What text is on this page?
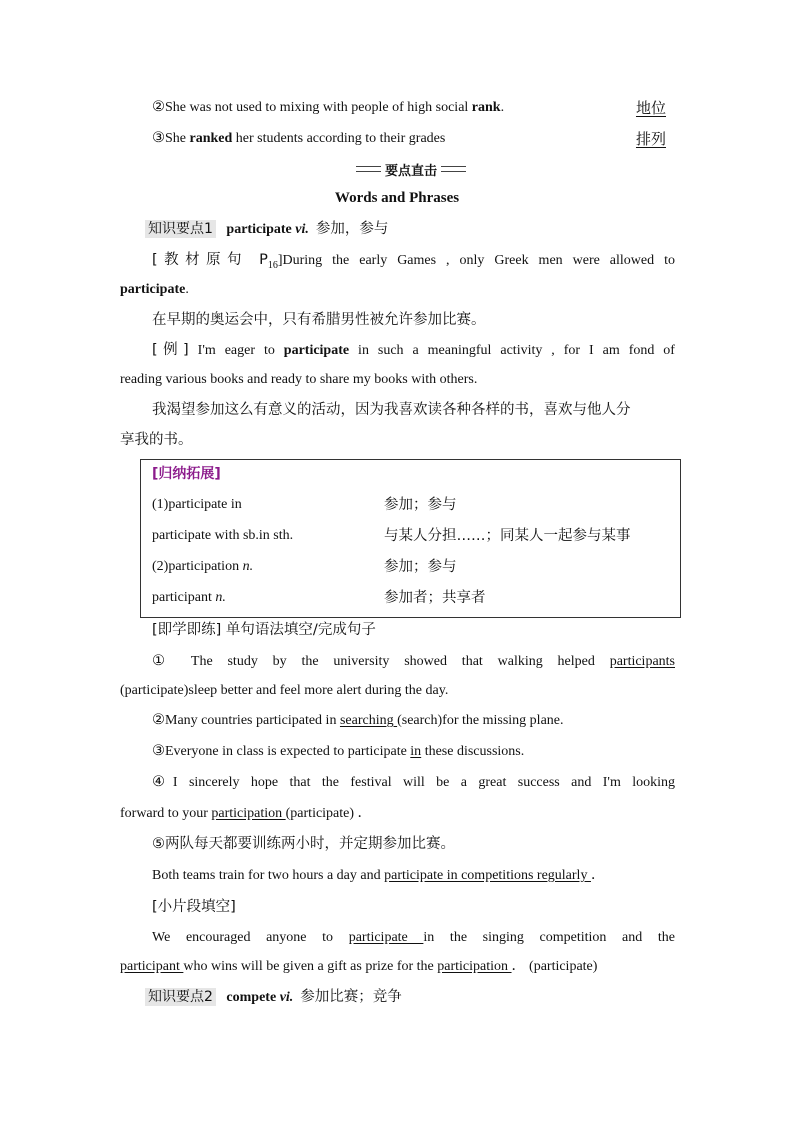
②She was not used to mixing with people of high social rank.	地位
③She ranked her students according to their grades	排列
要点直击
Words and Phrases
知识要点1 participate vi. 参加，参与
[教材原句 $P_{16}]During$ the early Games , only Greek men were allowed to
participate.
在早期的奥运会中，只有希腊男性被允许参加比赛。
[例] I'm eager to participate in such a meaningful activity , for I am fond of
reading various books and ready to share my books with others.
我渴望参加这么有意义的活动，因为我喜欢读各种各样的书，喜欢与他人分
享我的书。
[归纳拓展]
(1)participate in	参加；参与
participate with sb.in sth.	与某人分担……；同某人一起参与某事
(2)participation n.	参加；参与
participant n.	参加者；共享者
[即学即练] 单句语法填空/完成句子
① The study by the university showed that walking helped participants
(participate)sleep better and feel more alert during the day.
②Many countries participated in searching (search)for the missing plane.
③Everyone in class is expected to participate in these discussions.
④I sincerely hope that the festival will be a great success and I'm looking
forward to your participation (participate) ．
⑤两队每天都要训练两小时，并定期参加比赛。
Both teams train for two hours a day and participate in competitions regularly ．
[小片段填空]
We encouraged anyone to participate in the singing competition and the
participant who wins will be given a gift as prize for the participation ． (participate)
知识要点2 compete vi. 参加比赛；竞争
